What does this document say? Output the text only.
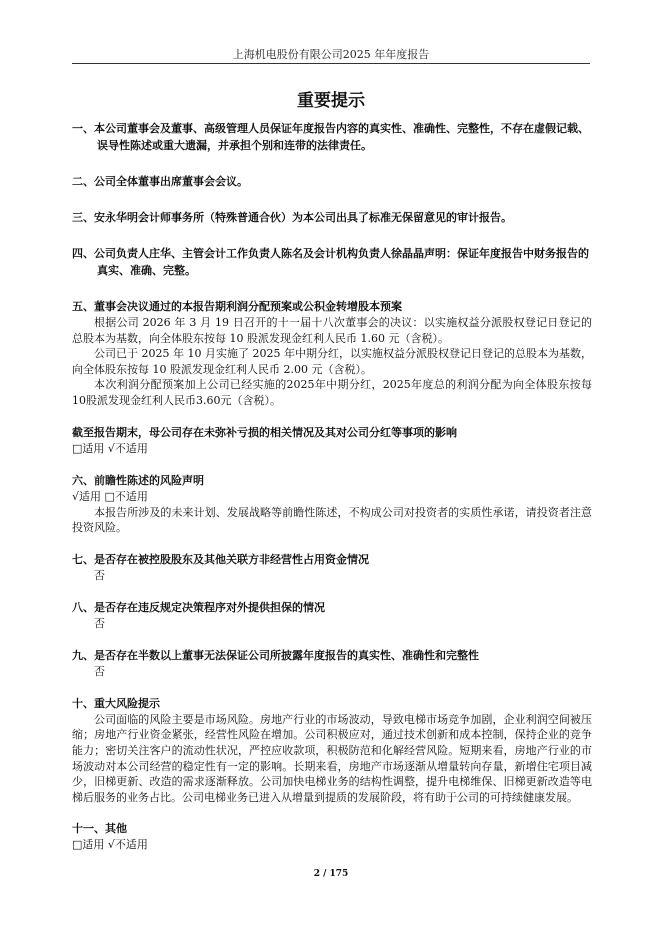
上海机电股份有限公司2025 年年度报告
重要提示

一、本公司董事会及董事、高级管理人员保证年度报告内容的真实性、准确性、完整性，不存在虚假记载、误导性陈述或重大遗漏，并承担个别和连带的法律责任。

二、公司全体董事出席董事会会议。

三、安永华明会计师事务所（特殊普通合伙）为本公司出具了标准无保留意见的审计报告。

四、公司负责人庄华、主管会计工作负责人陈名及会计机构负责人徐晶晶声明：保证年度报告中财务报告的真实、准确、完整。

五、董事会决议通过的本报告期利润分配预案或公积金转增股本预案

根据公司 2026 年 3 月 19 日召开的十一届十八次董事会的决议：以实施权益分派股权登记日登记的总股本为基数，向全体股东按每 10 股派发现金红利人民币 1.60 元（含税）。

公司已于 2025 年 10 月实施了 2025 年中期分红，以实施权益分派股权登记日登记的总股本为基数，向全体股东按每 10 股派发现金红利人民币 2.00 元（含税）。

本次利润分配预案加上公司已经实施的2025年中期分红，2025年度总的利润分配为向全体股东按每10股派发现金红利人民币3.60元（含税）。

截至报告期末，母公司存在未弥补亏损的相关情况及其对公司分红等事项的影响

□适用 √不适用

六、前瞻性陈述的风险声明

√适用 □不适用

本报告所涉及的未来计划、发展战略等前瞻性陈述，不构成公司对投资者的实质性承诺，请投资者注意投资风险。

七、是否存在被控股股东及其他关联方非经营性占用资金情况

否

八、是否存在违反规定决策程序对外提供担保的情况

否

九、是否存在半数以上董事无法保证公司所披露年度报告的真实性、准确性和完整性

否

十、重大风险提示

公司面临的风险主要是市场风险。房地产行业的市场波动，导致电梯市场竞争加剧，企业利润空间被压缩；房地产行业资金紧张，经营性风险在增加。公司积极应对，通过技术创新和成本控制，保持企业的竞争能力；密切关注客户的流动性状况，严控应收款项，积极防范和化解经营风险。短期来看，房地产行业的市场波动对本公司经营的稳定性有一定的影响。长期来看，房地产市场逐渐从增量转向存量，新增住宅项目减少，旧梯更新、改造的需求逐渐释放。公司加快电梯业务的结构性调整，提升电梯维保、旧梯更新改造等电梯后服务的业务占比。公司电梯业务已进入从增量到提质的发展阶段，将有助于公司的可持续健康发展。

十一、其他

□适用 √不适用

2 / 175
